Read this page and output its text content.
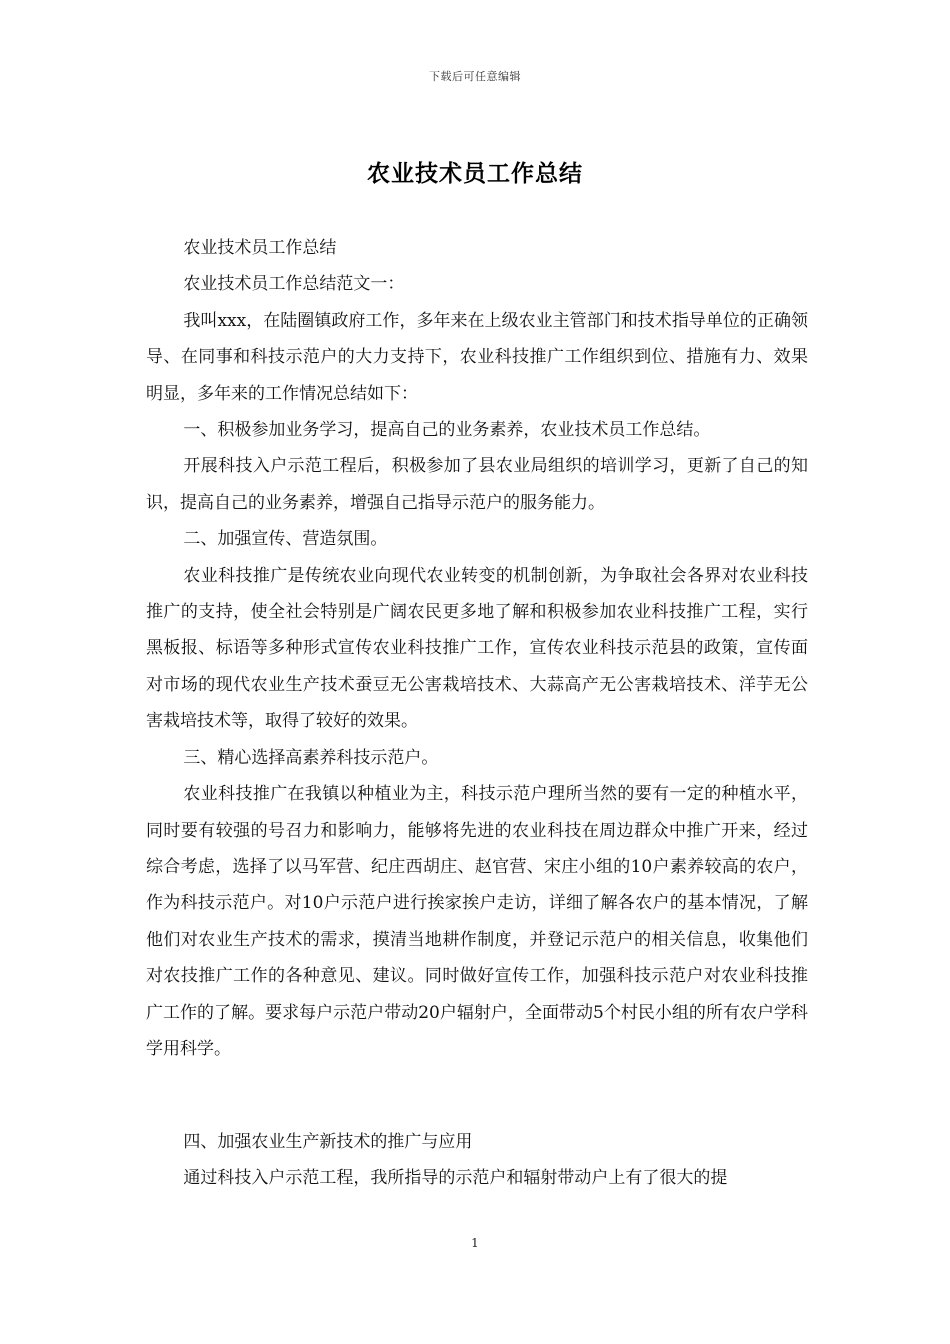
下载后可任意编辑
农业技术员工作总结

农业技术员工作总结

农业技术员工作总结范文一：

我叫xxx，在陆圈镇政府工作，多年来在上级农业主管部门和技术指导单位的正确领导、在同事和科技示范户的大力支持下，农业科技推广工作组织到位、措施有力、效果明显，多年来的工作情况总结如下：

一、积极参加业务学习，提高自己的业务素养，农业技术员工作总结。

开展科技入户示范工程后，积极参加了县农业局组织的培训学习，更新了自己的知识，提高自己的业务素养，增强自己指导示范户的服务能力。

二、加强宣传、营造氛围。

农业科技推广是传统农业向现代农业转变的机制创新，为争取社会各界对农业科技推广的支持，使全社会特别是广阔农民更多地了解和积极参加农业科技推广工程，实行黑板报、标语等多种形式宣传农业科技推广工作，宣传农业科技示范县的政策，宣传面对市场的现代农业生产技术蚕豆无公害栽培技术、大蒜高产无公害栽培技术、洋芋无公害栽培技术等，取得了较好的效果。

三、精心选择高素养科技示范户。

农业科技推广在我镇以种植业为主，科技示范户理所当然的要有一定的种植水平，同时要有较强的号召力和影响力，能够将先进的农业科技在周边群众中推广开来，经过综合考虑，选择了以马军营、纪庄西胡庄、赵官营、宋庄小组的10户素养较高的农户，作为科技示范户。对10户示范户进行挨家挨户走访，详细了解各农户的基本情况，了解他们对农业生产技术的需求，摸清当地耕作制度，并登记示范户的相关信息，收集他们对农技推广工作的各种意见、建议。同时做好宣传工作，加强科技示范户对农业科技推广工作的了解。要求每户示范户带动20户辐射户，全面带动5个村民小组的所有农户学科学用科学。

四、加强农业生产新技术的推广与应用

通过科技入户示范工程，我所指导的示范户和辐射带动户上有了很大的提

1
